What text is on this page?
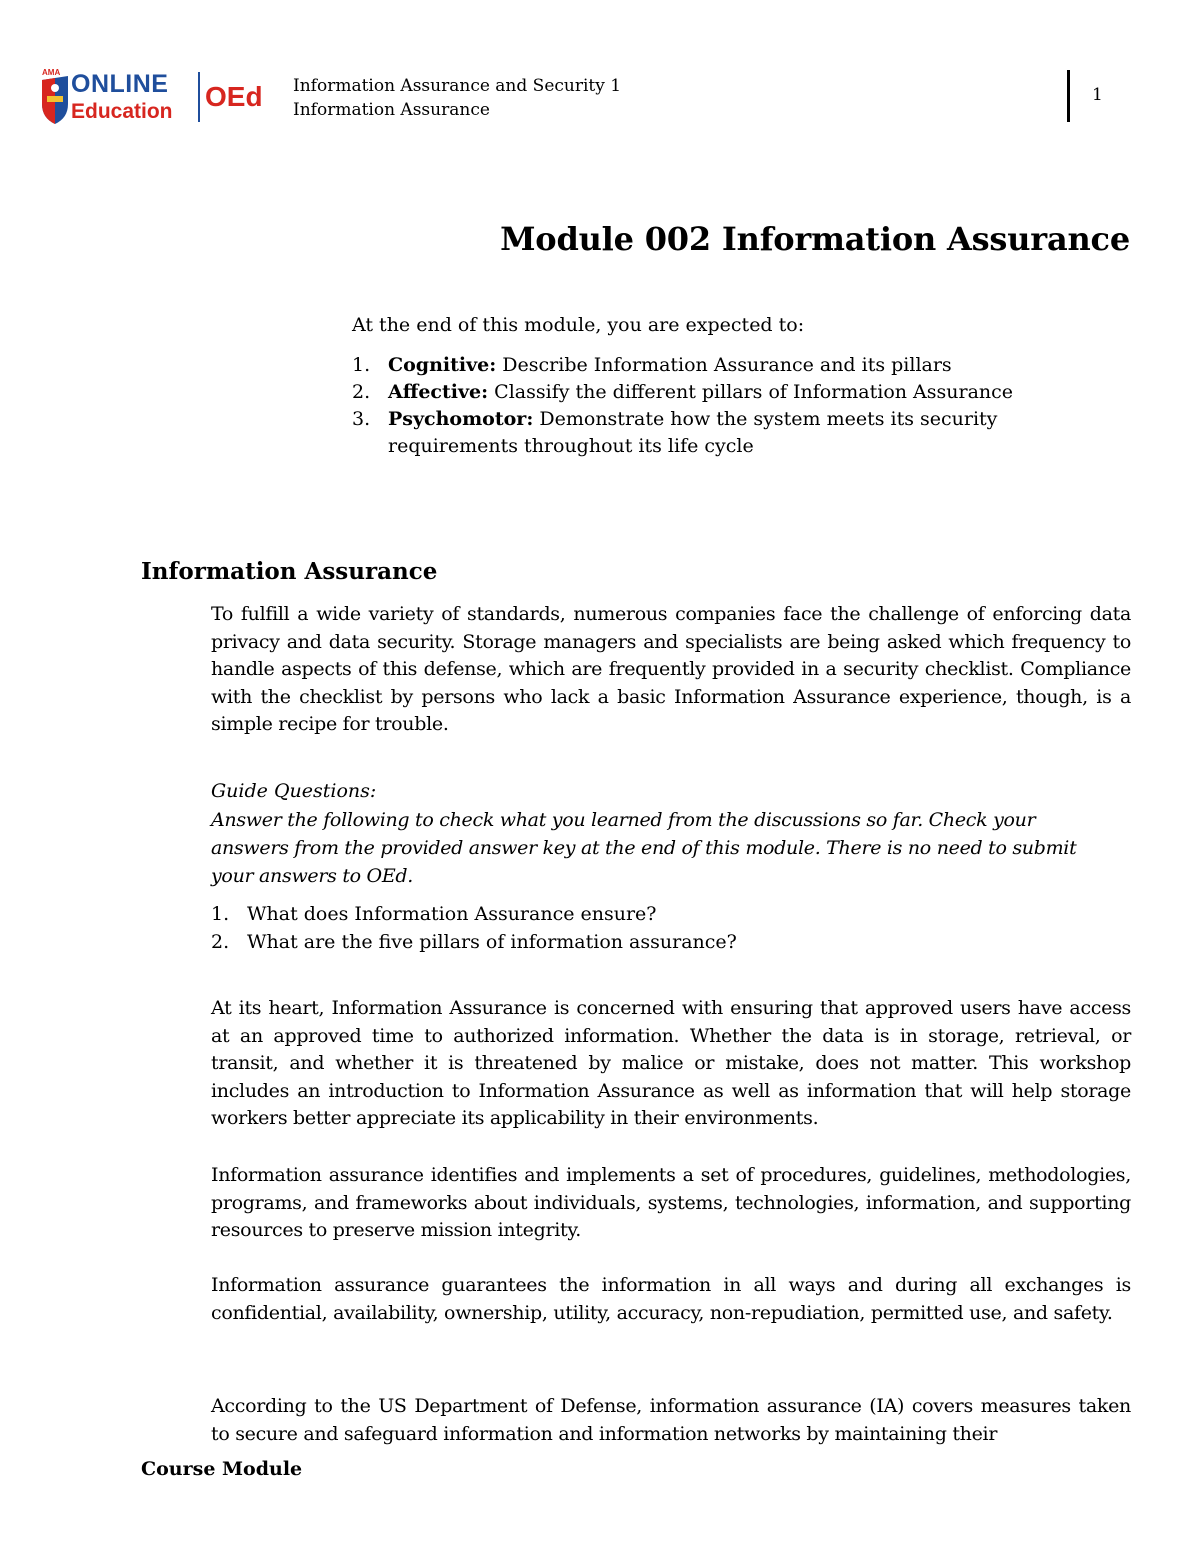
AMA ONLINE
Education OEd Information Assurance and Security 1
Information Assurance
1
Module 002 Information Assurance

At the end of this module, you are expected to:

1. Cognitive: Describe Information Assurance and its pillars
2. Affective: Classify the different pillars of Information Assurance
3. Psychomotor: Demonstrate how the system meets its security requirements throughout its life cycle
Information Assurance

To fulfill a wide variety of standards, numerous companies face the challenge of enforcing data privacy and data security. Storage managers and specialists are being asked which frequency to handle aspects of this defense, which are frequently provided in a security checklist. Compliance with the checklist by persons who lack a basic Information Assurance experience, though, is a simple recipe for trouble.

Guide Questions:

Answer the following to check what you learned from the discussions so far. Check your answers from the provided answer key at the end of this module. There is no need to submit your answers to OEd.

1. What does Information Assurance ensure?
2. What are the five pillars of information assurance?

At its heart, Information Assurance is concerned with ensuring that approved users have access at an approved time to authorized information. Whether the data is in storage, retrieval, or transit, and whether it is threatened by malice or mistake, does not matter. This workshop includes an introduction to Information Assurance as well as information that will help storage workers better appreciate its applicability in their environments.

Information assurance identifies and implements a set of procedures, guidelines, methodologies, programs, and frameworks about individuals, systems, technologies, information, and supporting resources to preserve mission integrity.

Information assurance guarantees the information in all ways and during all exchanges is confidential, availability, ownership, utility, accuracy, non-repudiation, permitted use, and safety.

According to the US Department of Defense, information assurance (IA) covers measures taken to secure and safeguard information and information networks by maintaining their

Course Module
